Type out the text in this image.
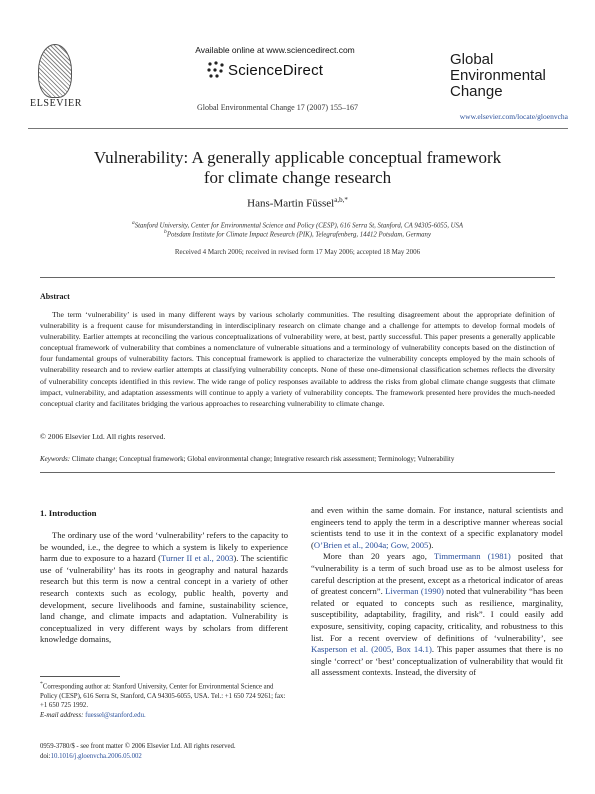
ELSEVIER
Available online at www.sciencedirect.com
ScienceDirect
Global
Environmental
Change
Global Environmental Change 17 (2007) 155–167
www.elsevier.com/locate/gloenvcha
Vulnerability: A generally applicable conceptual framework
for climate change research
Hans-Martin Füssel$^{a,b,*}$
$^a$Stanford University, Center for Environmental Science and Policy (CESP), 616 Serra St, Stanford, CA 94305-6055, USA
$^b$Potsdam Institute for Climate Impact Research (PIK), Telegrafenberg, 14412 Potsdam, Germany
Received 4 March 2006; received in revised form 17 May 2006; accepted 18 May 2006
Abstract
The term ‘vulnerability’ is used in many different ways by various scholarly communities. The resulting disagreement about the appropriate definition of vulnerability is a frequent cause for misunderstanding in interdisciplinary research on climate change and a challenge for attempts to develop formal models of vulnerability. Earlier attempts at reconciling the various conceptualizations of vulnerability were, at best, partly successful. This paper presents a generally applicable conceptual framework of vulnerability that combines a nomenclature of vulnerable situations and a terminology of vulnerability concepts based on the distinction of four fundamental groups of vulnerability factors. This conceptual framework is applied to characterize the vulnerability concepts employed by the main schools of vulnerability research and to review earlier attempts at classifying vulnerability concepts. None of these one-dimensional classification schemes reflects the diversity of vulnerability concepts identified in this review. The wide range of policy responses available to address the risks from global climate change suggests that climate impact, vulnerability, and adaptation assessments will continue to apply a variety of vulnerability concepts. The framework presented here provides the much-needed conceptual clarity and facilitates bridging the various approaches to researching vulnerability to climate change.
© 2006 Elsevier Ltd. All rights reserved.
Keywords: Climate change; Conceptual framework; Global environmental change; Integrative research risk assessment; Terminology; Vulnerability
1. Introduction

The ordinary use of the word ‘vulnerability’ refers to the capacity to be wounded, i.e., the degree to which a system is likely to experience harm due to exposure to a hazard (Turner II et al., 2003). The scientific use of ‘vulnerability’ has its roots in geography and natural hazards research but this term is now a central concept in a variety of other research contexts such as ecology, public health, poverty and development, secure livelihoods and famine, sustainability science, land change, and climate impacts and adaptation. Vulnerability is conceptualized in very different ways by scholars from different knowledge domains,

and even within the same domain. For instance, natural scientists and engineers tend to apply the term in a descriptive manner whereas social scientists tend to use it in the context of a specific explanatory model (O’Brien et al., 2004a; Gow, 2005).

More than 20 years ago, Timmermann (1981) posited that “vulnerability is a term of such broad use as to be almost useless for careful description at the present, except as a rhetorical indicator of areas of greatest concern”. Liverman (1990) noted that vulnerability “has been related or equated to concepts such as resilience, marginality, susceptibility, adaptability, fragility, and risk”. I could easily add exposure, sensitivity, coping capacity, criticality, and robustness to this list. For a recent overview of definitions of ‘vulnerability’, see Kasperson et al. (2005, Box 14.1). This paper assumes that there is no single ‘correct’ or ‘best’ conceptualization of vulnerability that would fit all assessment contexts. Instead, the diversity of

*Corresponding author at: Stanford University, Center for Environmental Science and Policy (CESP), 616 Serra St, Stanford, CA 94305-6055, USA. Tel.: +1 650 724 9261; fax: +1 650 725 1992.
E-mail address: fuessel@stanford.edu.
0959-3780/$ - see front matter © 2006 Elsevier Ltd. All rights reserved.
doi:10.1016/j.gloenvcha.2006.05.002
